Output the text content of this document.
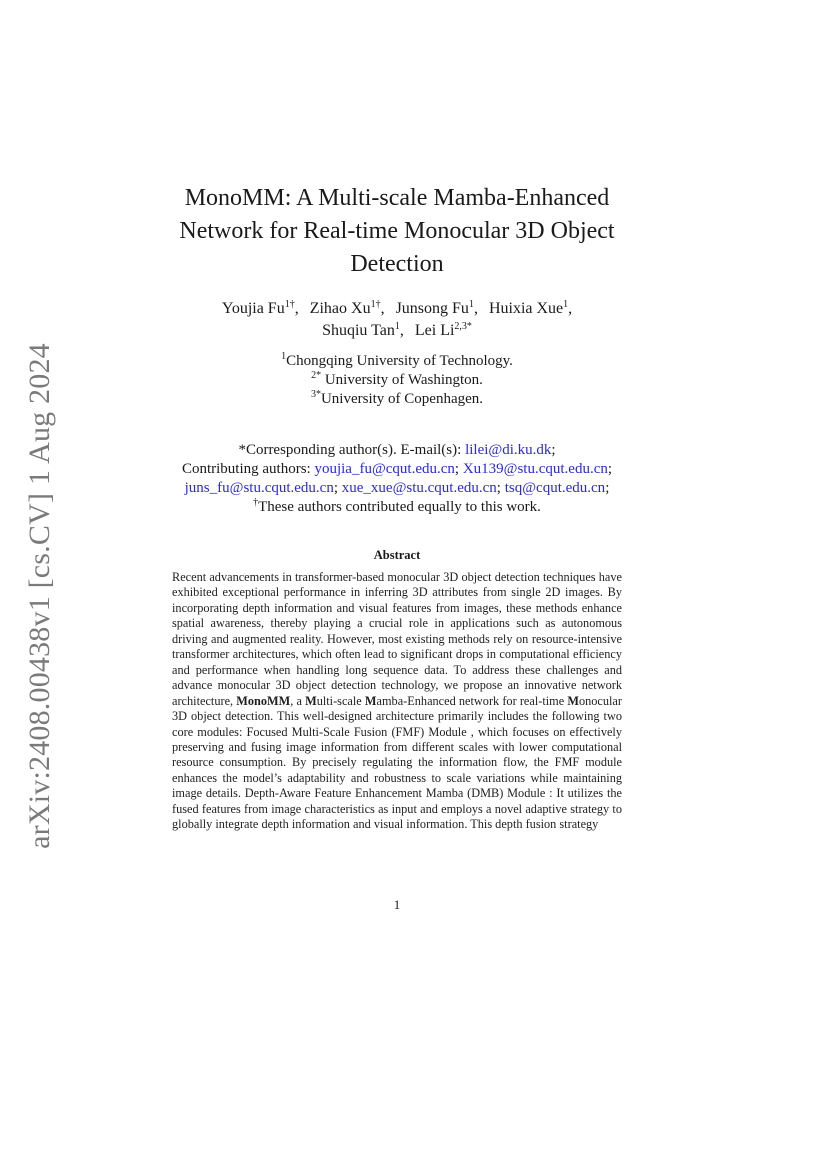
arXiv:2408.00438v1 [cs.CV] 1 Aug 2024
MonoMM: A Multi-scale Mamba-Enhanced
Network for Real-time Monocular 3D Object
Detection
Youjia $Fu^{1\dagger}$, Zihao $Xu^{1\dagger}$, Junsong Fu$^1$, Huixia Xue$^1$,
Shuqiu Tan$^1$, Lei $Li^{2,3*}$
$^1$Chongqing University of Technology.
$^{2*}$ University of Washington.
$^{3*}$University of Copenhagen.
*Corresponding author(s). E-mail(s): lilei@di.ku.dk;
Contributing authors: youjia_fu@cqut.edu.cn; Xu139@stu.cqut.edu.cn;
juns_fu@stu.cqut.edu.cn; xue_xue@stu.cqut.edu.cn; tsq@cqut.edu.cn;
†These authors contributed equally to this work.
Abstract

Recent advancements in transformer-based monocular 3D object detection techniques have exhibited exceptional performance in inferring 3D attributes from single 2D images. By incorporating depth information and visual features from images, these methods enhance spatial awareness, thereby playing a crucial role in applications such as autonomous driving and augmented reality. However, most existing methods rely on resource-intensive transformer architectures, which often lead to significant drops in computational efficiency and performance when handling long sequence data. To address these challenges and advance monocular 3D object detection technology, we propose an innovative network architecture, MonoMM, a Multi-scale Mamba-Enhanced network for real-time Monocular 3D object detection. This well-designed architecture primarily includes the following two core modules: Focused Multi-Scale Fusion (FMF) Module , which focuses on effectively preserving and fusing image information from different scales with lower computational resource consumption. By precisely regulating the information flow, the FMF module enhances the model’s adaptability and robustness to scale variations while maintaining image details. Depth-Aware Feature Enhancement Mamba (DMB) Module : It utilizes the fused features from image characteristics as input and employs a novel adaptive strategy to globally integrate depth information and visual information. This depth fusion strategy

1
